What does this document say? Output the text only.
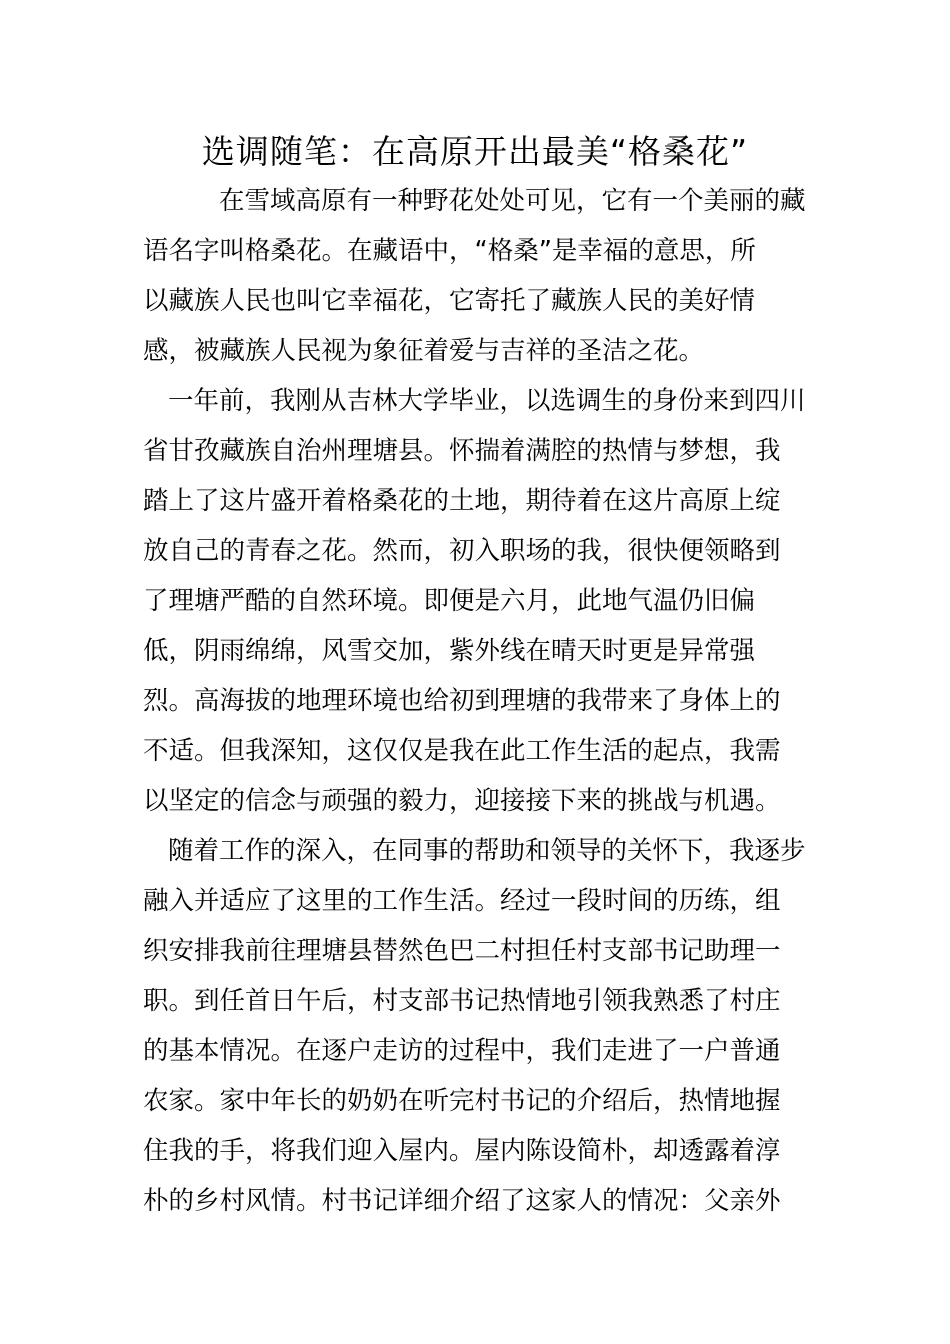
选调随笔：在高原开出最美“格桑花”
在雪域高原有一种野花处处可见，它有一个美丽的藏
语名字叫格桑花。在藏语中，“格桑”是幸福的意思，所
以藏族人民也叫它幸福花，它寄托了藏族人民的美好情
感，被藏族人民视为象征着爱与吉祥的圣洁之花。
一年前，我刚从吉林大学毕业，以选调生的身份来到四川
省甘孜藏族自治州理塘县。怀揣着满腔的热情与梦想，我
踏上了这片盛开着格桑花的土地，期待着在这片高原上绽
放自己的青春之花。然而，初入职场的我，很快便领略到
了理塘严酷的自然环境。即便是六月，此地气温仍旧偏
低，阴雨绵绵，风雪交加，紫外线在晴天时更是异常强
烈。高海拔的地理环境也给初到理塘的我带来了身体上的
不适。但我深知，这仅仅是我在此工作生活的起点，我需
以坚定的信念与顽强的毅力，迎接接下来的挑战与机遇。
随着工作的深入，在同事的帮助和领导的关怀下，我逐步
融入并适应了这里的工作生活。经过一段时间的历练，组
织安排我前往理塘县替然色巴二村担任村支部书记助理一
职。到任首日午后，村支部书记热情地引领我熟悉了村庄
的基本情况。在逐户走访的过程中，我们走进了一户普通
农家。家中年长的奶奶在听完村书记的介绍后，热情地握
住我的手，将我们迎入屋内。屋内陈设简朴，却透露着淳
朴的乡村风情。村书记详细介绍了这家人的情况：父亲外
